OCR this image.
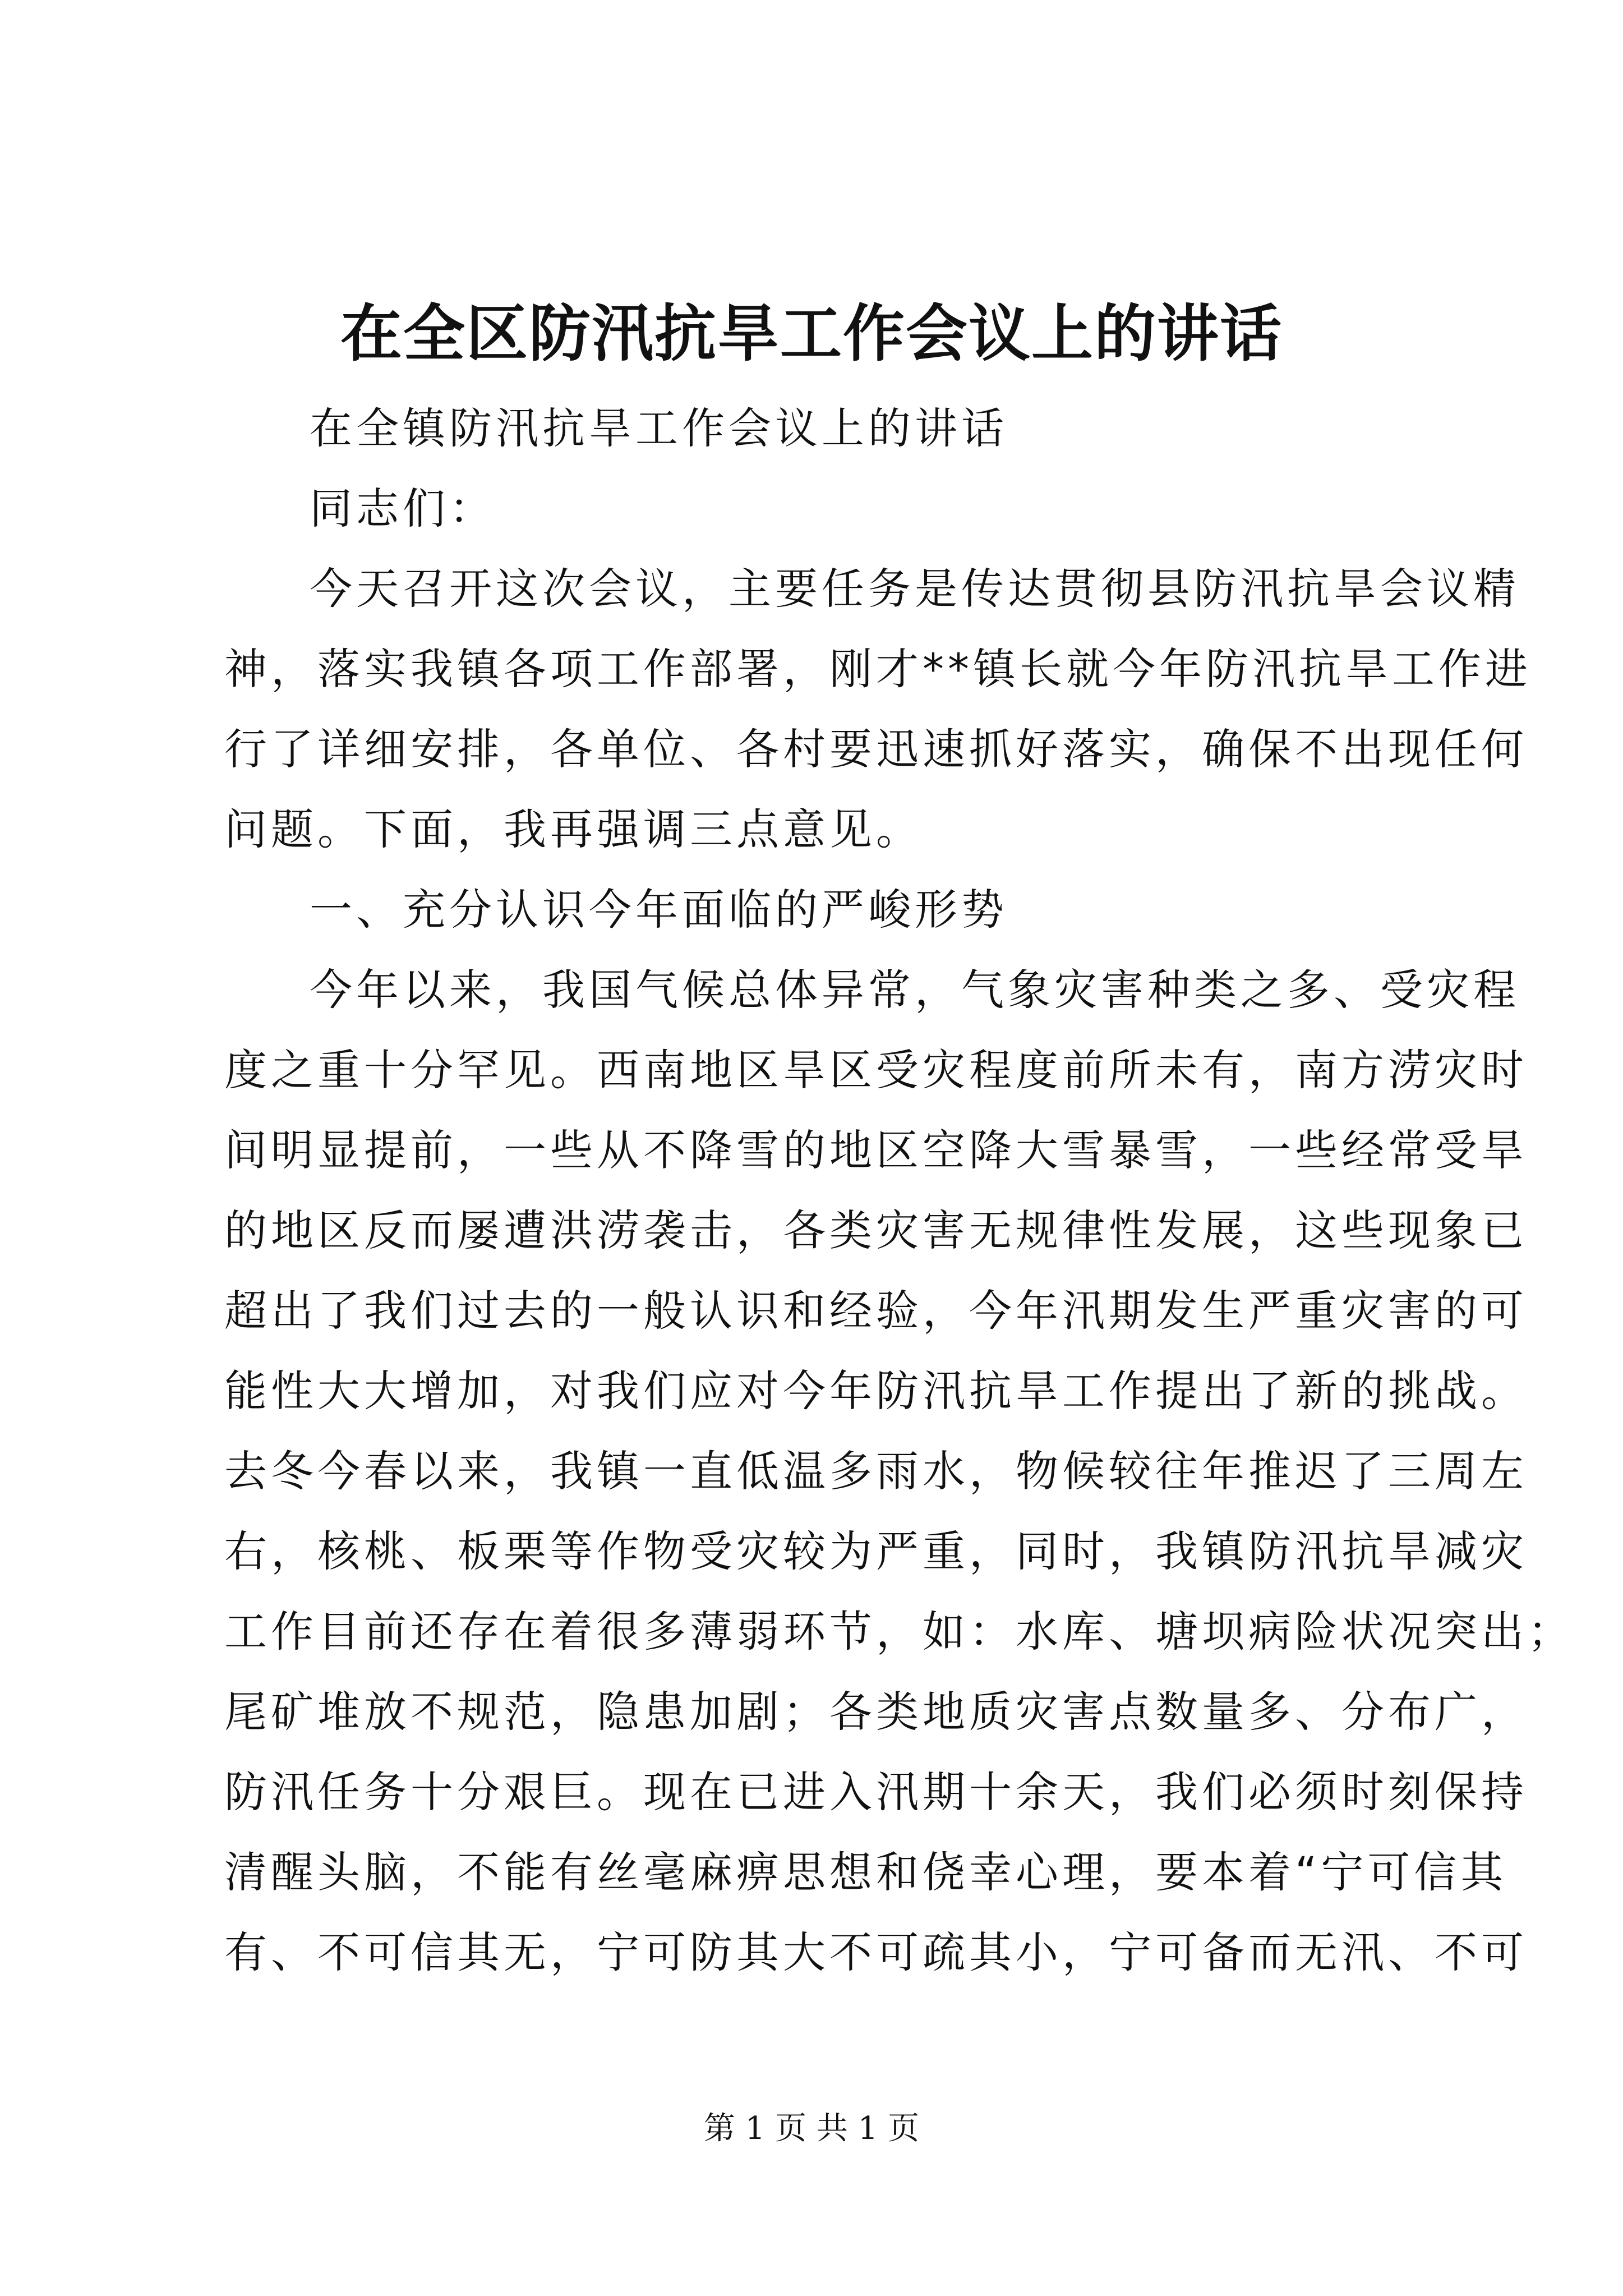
在全区防汛抗旱工作会议上的讲话
在全镇防汛抗旱工作会议上的讲话
同志们：
今天召开这次会议，主要任务是传达贯彻县防汛抗旱会议精
神，落实我镇各项工作部署，刚才**镇长就今年防汛抗旱工作进
行了详细安排，各单位、各村要迅速抓好落实，确保不出现任何
问题。下面，我再强调三点意见。
一、充分认识今年面临的严峻形势
今年以来，我国气候总体异常，气象灾害种类之多、受灾程
度之重十分罕见。西南地区旱区受灾程度前所未有，南方涝灾时
间明显提前，一些从不降雪的地区空降大雪暴雪，一些经常受旱
的地区反而屡遭洪涝袭击，各类灾害无规律性发展，这些现象已
超出了我们过去的一般认识和经验，今年汛期发生严重灾害的可
能性大大增加，对我们应对今年防汛抗旱工作提出了新的挑战。
去冬今春以来，我镇一直低温多雨水，物候较往年推迟了三周左
右，核桃、板栗等作物受灾较为严重，同时，我镇防汛抗旱减灾
工作目前还存在着很多薄弱环节，如：水库、塘坝病险状况突出；
尾矿堆放不规范，隐患加剧；各类地质灾害点数量多、分布广，
防汛任务十分艰巨。现在已进入汛期十余天，我们必须时刻保持
清醒头脑，不能有丝毫麻痹思想和侥幸心理，要本着“宁可信其
有、不可信其无，宁可防其大不可疏其小，宁可备而无汛、不可
第 1 页 共 1 页
